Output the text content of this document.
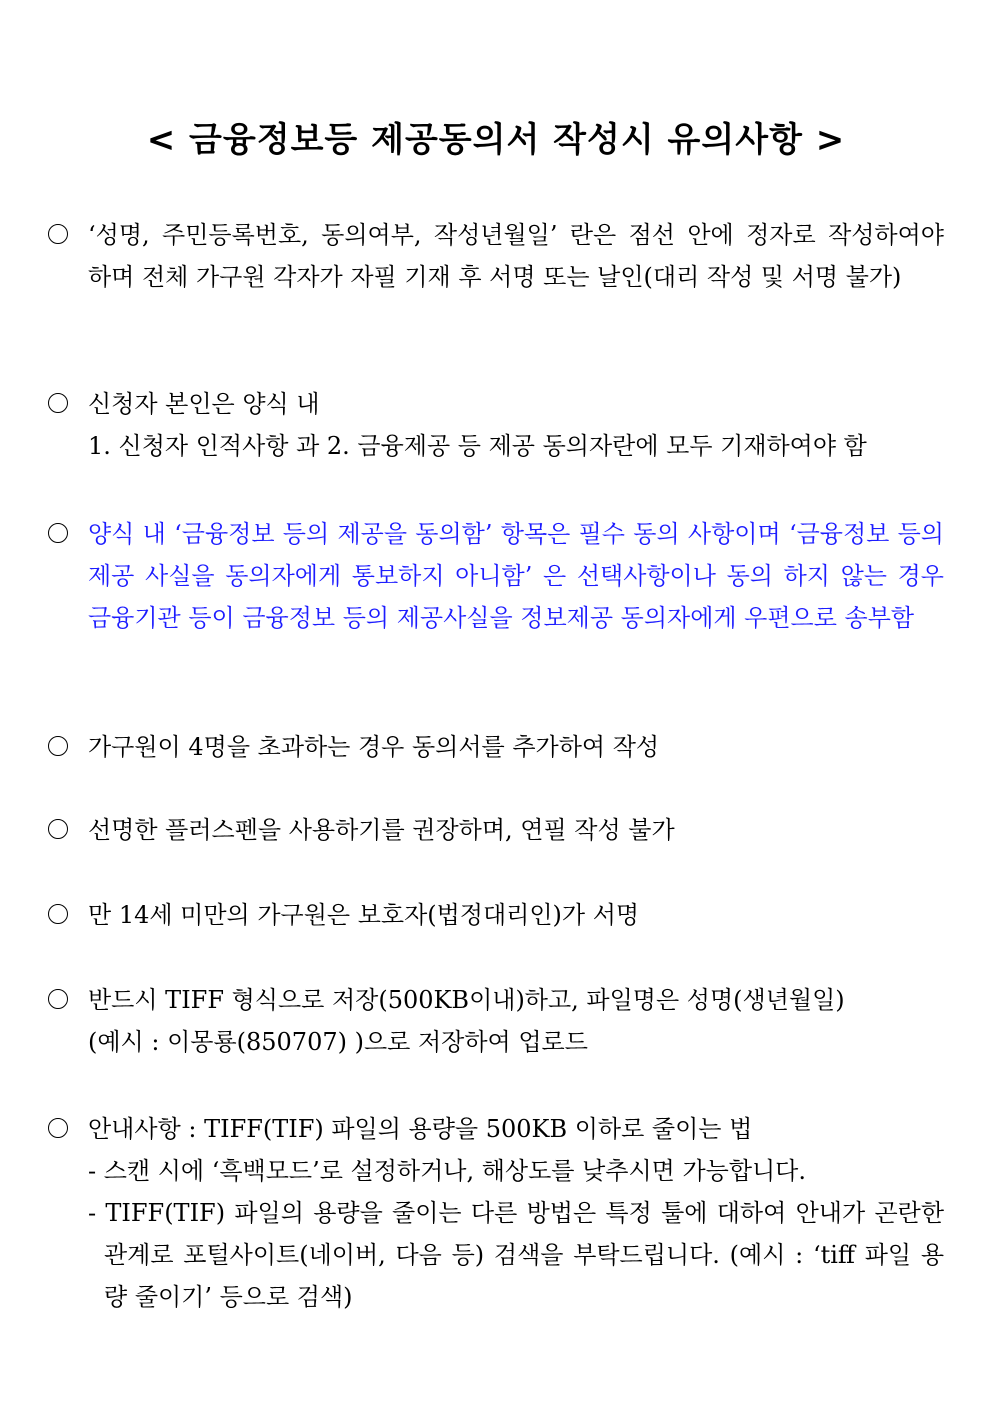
< 금융정보등 제공동의서 작성시 유의사항 >
‘성명, 주민등록번호, 동의여부, 작성년월일’ 란은 점선 안에 정자로 작성하여야 하며 전체 가구원 각자가 자필 기재 후 서명 또는 날인(대리 작성 및 서명 불가)
신청자 본인은 양식 내
1. 신청자 인적사항 과 2. 금융제공 등 제공 동의자란에 모두 기재하여야 함
양식 내 ‘금융정보 등의 제공을 동의함’ 항목은 필수 동의 사항이며 ‘금융정보 등의 제공 사실을 동의자에게 통보하지 아니함’ 은 선택사항이나 동의 하지 않는 경우 금융기관 등이 금융정보 등의 제공사실을 정보제공 동의자에게 우편으로 송부함
가구원이 4명을 초과하는 경우 동의서를 추가하여 작성
선명한 플러스펜을 사용하기를 권장하며, 연필 작성 불가
만 14세 미만의 가구원은 보호자(법정대리인)가 서명
반드시 TIFF 형식으로 저장(500KB이내)하고, 파일명은 성명(생년월일)
(예시 : 이몽룡(850707) )으로 저장하여 업로드
안내사항 : TIFF(TIF) 파일의 용량을 500KB 이하로 줄이는 법
- 스캔 시에 ‘흑백모드’로 설정하거나, 해상도를 낮추시면 가능합니다.
- TIFF(TIF) 파일의 용량을 줄이는 다른 방법은 특정 툴에 대하여 안내가 곤란한 관계로 포털사이트(네이버, 다음 등) 검색을 부탁드립니다. (예시 : ‘tiff 파일 용량 줄이기’ 등으로 검색)
